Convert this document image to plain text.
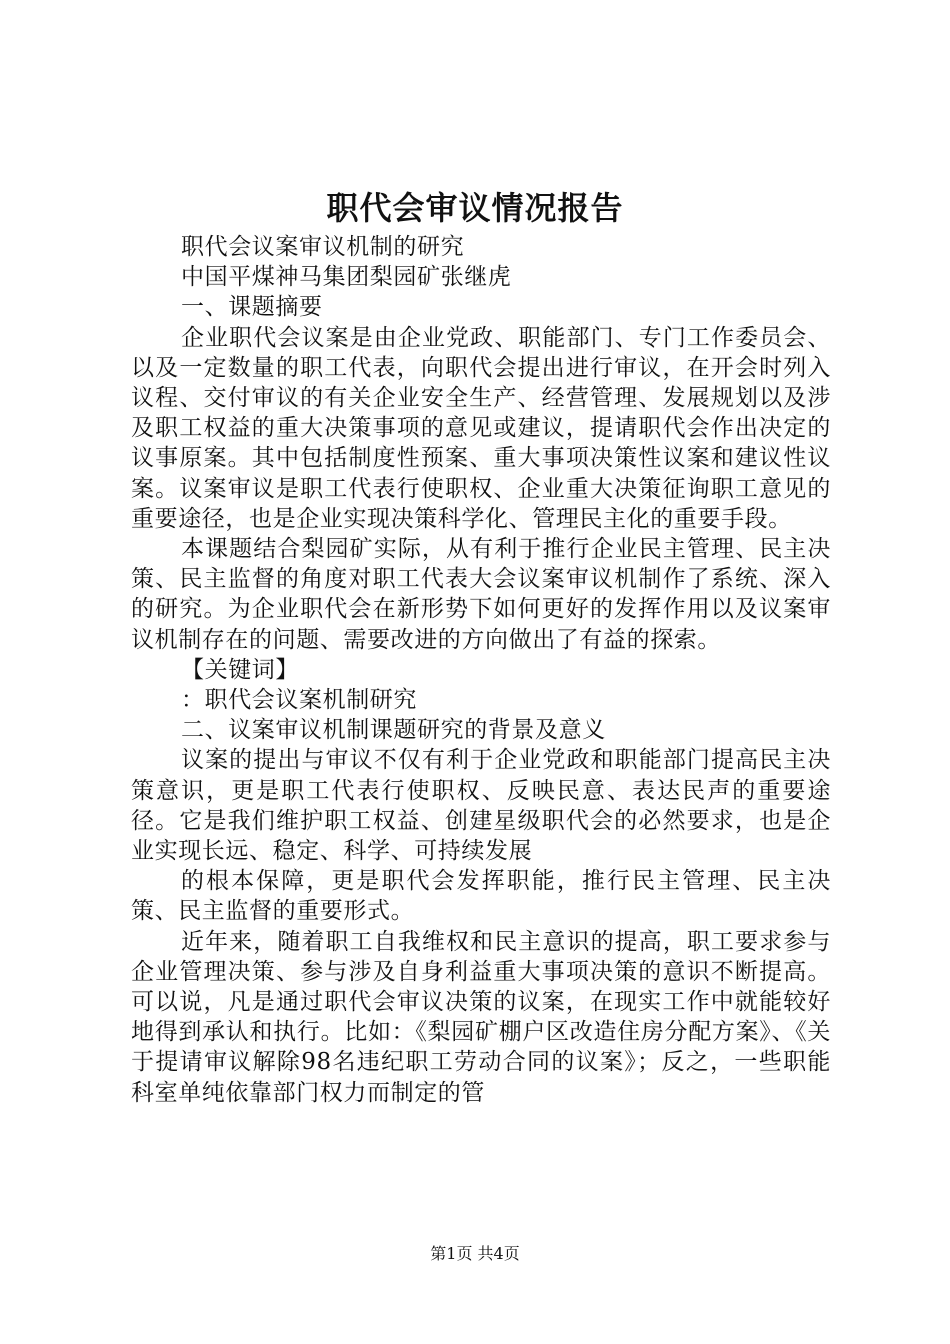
职代会审议情况报告

职代会议案审议机制的研究

中国平煤神马集团梨园矿张继虎

一、课题摘要

企业职代会议案是由企业党政、职能部门、专门工作委员会、以及一定数量的职工代表，向职代会提出进行审议，在开会时列入议程、交付审议的有关企业安全生产、经营管理、发展规划以及涉及职工权益的重大决策事项的意见或建议，提请职代会作出决定的议事原案。其中包括制度性预案、重大事项决策性议案和建议性议案。议案审议是职工代表行使职权、企业重大决策征询职工意见的重要途径，也是企业实现决策科学化、管理民主化的重要手段。

本课题结合梨园矿实际，从有利于推行企业民主管理、民主决策、民主监督的角度对职工代表大会议案审议机制作了系统、深入的研究。为企业职代会在新形势下如何更好的发挥作用以及议案审议机制存在的问题、需要改进的方向做出了有益的探索。

【关键词】

：职代会议案机制研究

二、议案审议机制课题研究的背景及意义

议案的提出与审议不仅有利于企业党政和职能部门提高民主决策意识，更是职工代表行使职权、反映民意、表达民声的重要途径。它是我们维护职工权益、创建星级职代会的必然要求，也是企业实现长远、稳定、科学、可持续发展

的根本保障，更是职代会发挥职能，推行民主管理、民主决策、民主监督的重要形式。

近年来，随着职工自我维权和民主意识的提高，职工要求参与企业管理决策、参与涉及自身利益重大事项决策的意识不断提高。可以说，凡是通过职代会审议决策的议案，在现实工作中就能较好地得到承认和执行。比如：《梨园矿棚户区改造住房分配方案》、《关于提请审议解除98名违纪职工劳动合同的议案》；反之，一些职能科室单纯依靠部门权力而制定的管

第1页 共4页
